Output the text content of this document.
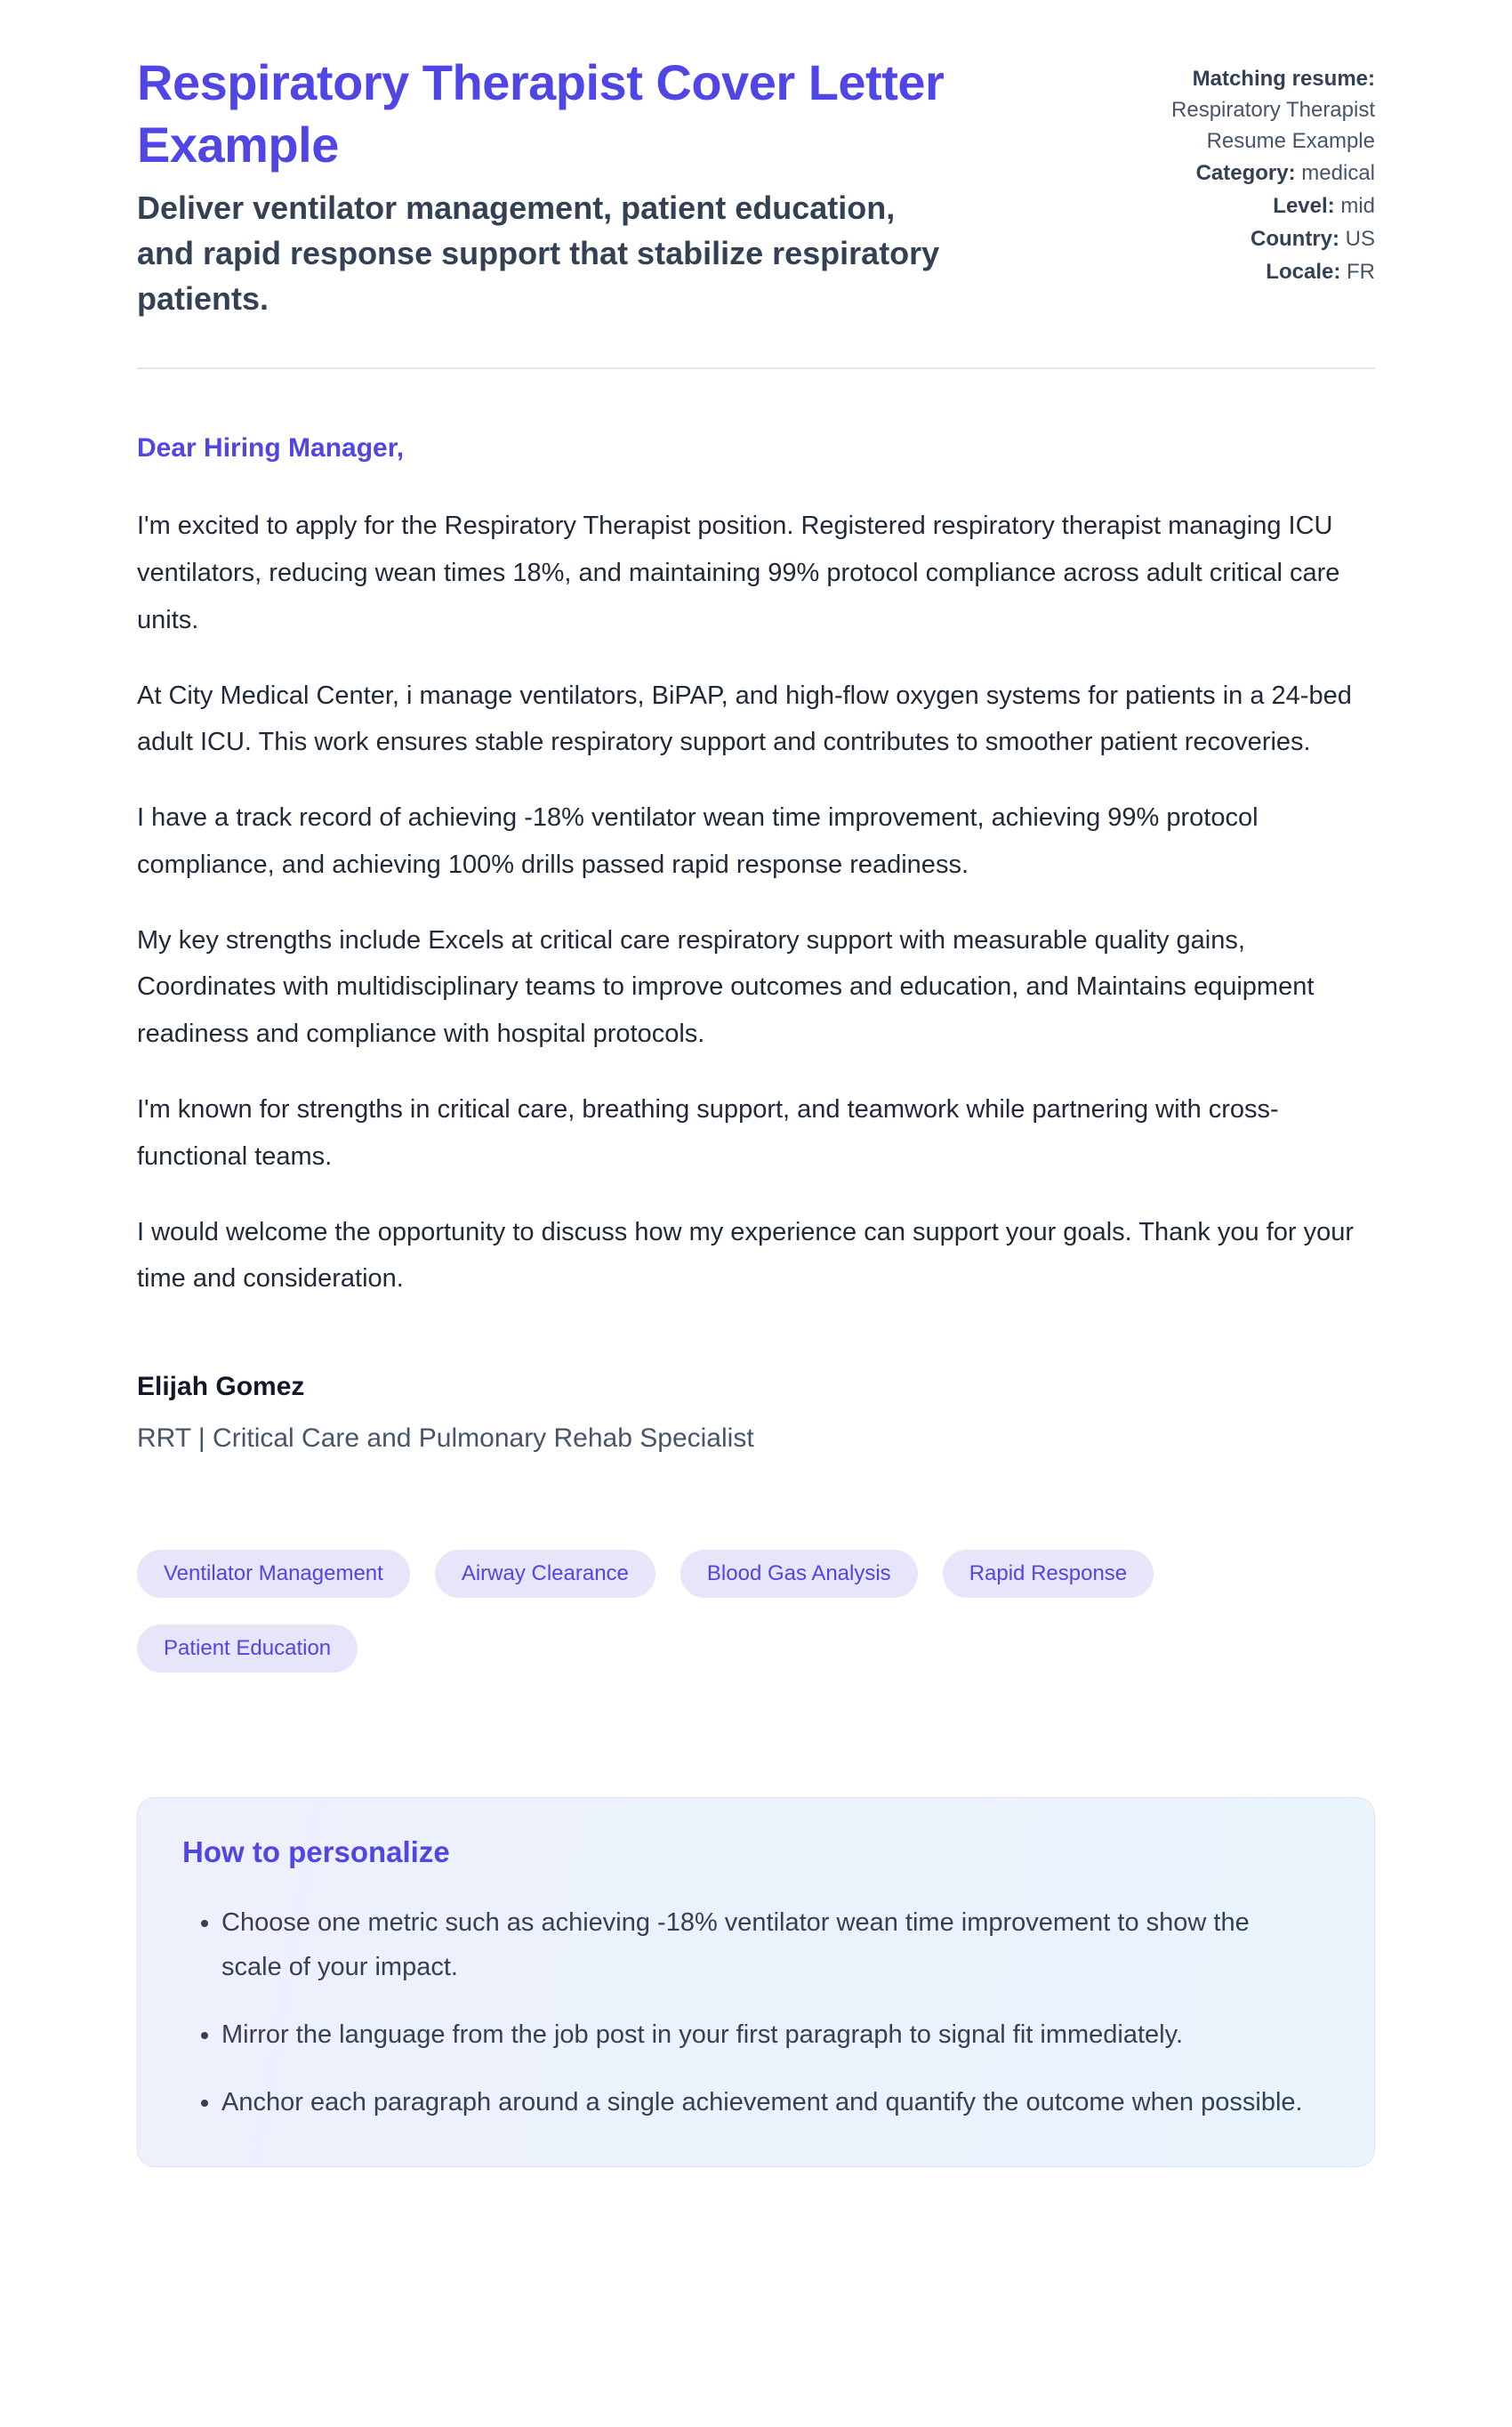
Respiratory Therapist Cover Letter Example

Deliver ventilator management, patient education, and rapid response support that stabilize respiratory patients.

Matching resume:
Respiratory Therapist Resume Example
Category: medical
Level: mid
Country: US
Locale: FR

Dear Hiring Manager,

I'm excited to apply for the Respiratory Therapist position. Registered respiratory therapist managing ICU ventilators, reducing wean times 18%, and maintaining 99% protocol compliance across adult critical care units.

At City Medical Center, i manage ventilators, BiPAP, and high-flow oxygen systems for patients in a 24-bed adult ICU. This work ensures stable respiratory support and contributes to smoother patient recoveries.

I have a track record of achieving -18% ventilator wean time improvement, achieving 99% protocol compliance, and achieving 100% drills passed rapid response readiness.

My key strengths include Excels at critical care respiratory support with measurable quality gains, Coordinates with multidisciplinary teams to improve outcomes and education, and Maintains equipment readiness and compliance with hospital protocols.

I'm known for strengths in critical care, breathing support, and teamwork while partnering with cross-functional teams.

I would welcome the opportunity to discuss how my experience can support your goals. Thank you for your time and consideration.

Elijah Gomez

RRT | Critical Care and Pulmonary Rehab Specialist

Ventilator Management	Airway Clearance	Blood Gas Analysis	Rapid Response
Patient Education
How to personalize
• Choose one metric such as achieving -18% ventilator wean time improvement to show the scale of your impact.
• Mirror the language from the job post in your first paragraph to signal fit immediately.
• Anchor each paragraph around a single achievement and quantify the outcome when possible.
